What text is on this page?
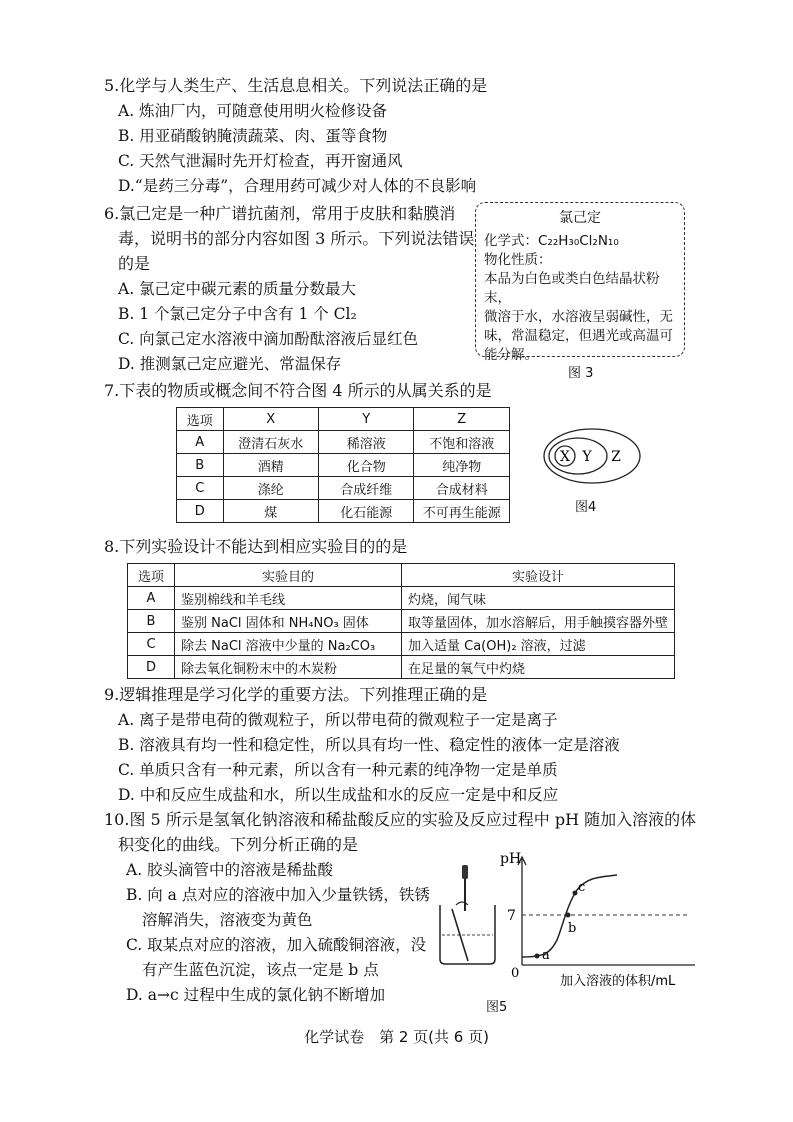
5.化学与人类生产、生活息息相关。下列说法正确的是
A. 炼油厂内，可随意使用明火检修设备
B. 用亚硝酸钠腌渍蔬菜、肉、蛋等食物
C. 天然气泄漏时先开灯检查，再开窗通风
D.“是药三分毒”，合理用药可减少对人体的不良影响
6.氯己定是一种广谱抗菌剂，常用于皮肤和黏膜消
毒，说明书的部分内容如图 3 所示。下列说法错误
的是
A. 氯己定中碳元素的质量分数最大
B. 1 个氯己定分子中含有 1 个 Cl₂
C. 向氯己定水溶液中滴加酚酞溶液后显红色
D. 推测氯己定应避光、常温保存
氯己定
化学式：C₂₂H₃₀Cl₂N₁₀
物化性质：
本品为白色或类白色结晶状粉末，
微溶于水，水溶液呈弱碱性，无
味，常温稳定，但遇光或高温可
能分解。
图 3
7.下表的物质或概念间不符合图 4 所示的从属关系的是
选项	X	Y	Z
A	澄清石灰水	稀溶液	不饱和溶液
B	酒精	化合物	纯净物
C	涤纶	合成纤维	合成材料
D	煤	化石能源	不可再生能源
X Y Z
图4
8.下列实验设计不能达到相应实验目的的是
选项	实验目的	实验设计
A	鉴别棉线和羊毛线	灼烧，闻气味
B	鉴别 NaCl 固体和 NH₄NO₃ 固体	取等量固体，加水溶解后，用手触摸容器外壁
C	除去 NaCl 溶液中少量的 Na₂CO₃	加入适量 Ca(OH)₂ 溶液，过滤
D	除去氧化铜粉末中的木炭粉	在足量的氧气中灼烧
9.逻辑推理是学习化学的重要方法。下列推理正确的是
A. 离子是带电荷的微观粒子，所以带电荷的微观粒子一定是离子
B. 溶液具有均一性和稳定性，所以具有均一性、稳定性的液体一定是溶液
C. 单质只含有一种元素，所以含有一种元素的纯净物一定是单质
D. 中和反应生成盐和水，所以生成盐和水的反应一定是中和反应
10.图 5 所示是氢氧化钠溶液和稀盐酸反应的实验及反应过程中 pH 随加入溶液的体
积变化的曲线。下列分析正确的是
A. 胶头滴管中的溶液是稀盐酸
B. 向 a 点对应的溶液中加入少量铁锈，铁锈
溶解消失，溶液变为黄色
C. 取某点对应的溶液，加入硫酸铜溶液，没
有产生蓝色沉淀，该点一定是 b 点
D. a→c 过程中生成的氯化钠不断增加
pH
7
0
a
b
c
加入溶液的体积/mL
图5
化学试卷　第 2 页(共 6 页)
